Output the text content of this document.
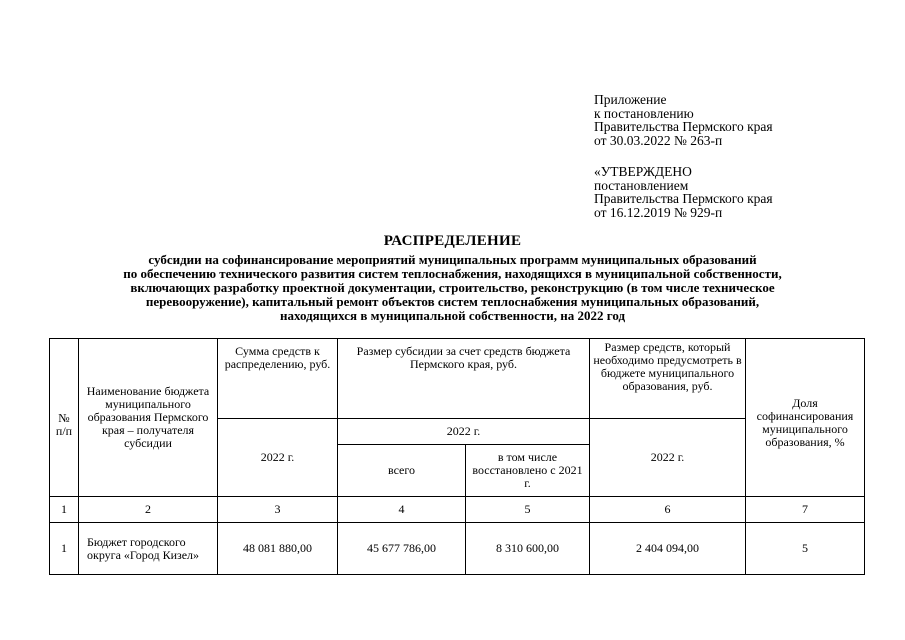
Приложение
к постановлению
Правительства Пермского края
от 30.03.2022 № 263-п
«УТВЕРЖДЕНО
постановлением
Правительства Пермского края
от 16.12.2019 № 929-п
РАСПРЕДЕЛЕНИЕ
субсидии на софинансирование мероприятий муниципальных программ муниципальных образований
по обеспечению технического развития систем теплоснабжения, находящихся в муниципальной собственности,
включающих разработку проектной документации, строительство, реконструкцию (в том числе техническое
перевооружение), капитальный ремонт объектов систем теплоснабжения муниципальных образований,
находящихся в муниципальной собственности, на 2022 год
№ п/п	Наименование бюджета муниципального образования Пермского края – получателя субсидии	Сумма средств к распределению, руб.	Размер субсидии за счет средств бюджета Пермского края, руб.		Размер средств, который необходимо предусмотреть в бюджете муниципального образования, руб.	Доля софинансирования муниципального образования, %
		2022 г.	2022 г.		2022 г.	
			всего	в том числе восстановлено с 2021 г.		
1	2	3	4	5	6	7
1	Бюджет городского округа «Город Кизел»	48 081 880,00	45 677 786,00	8 310 600,00	2 404 094,00	5
